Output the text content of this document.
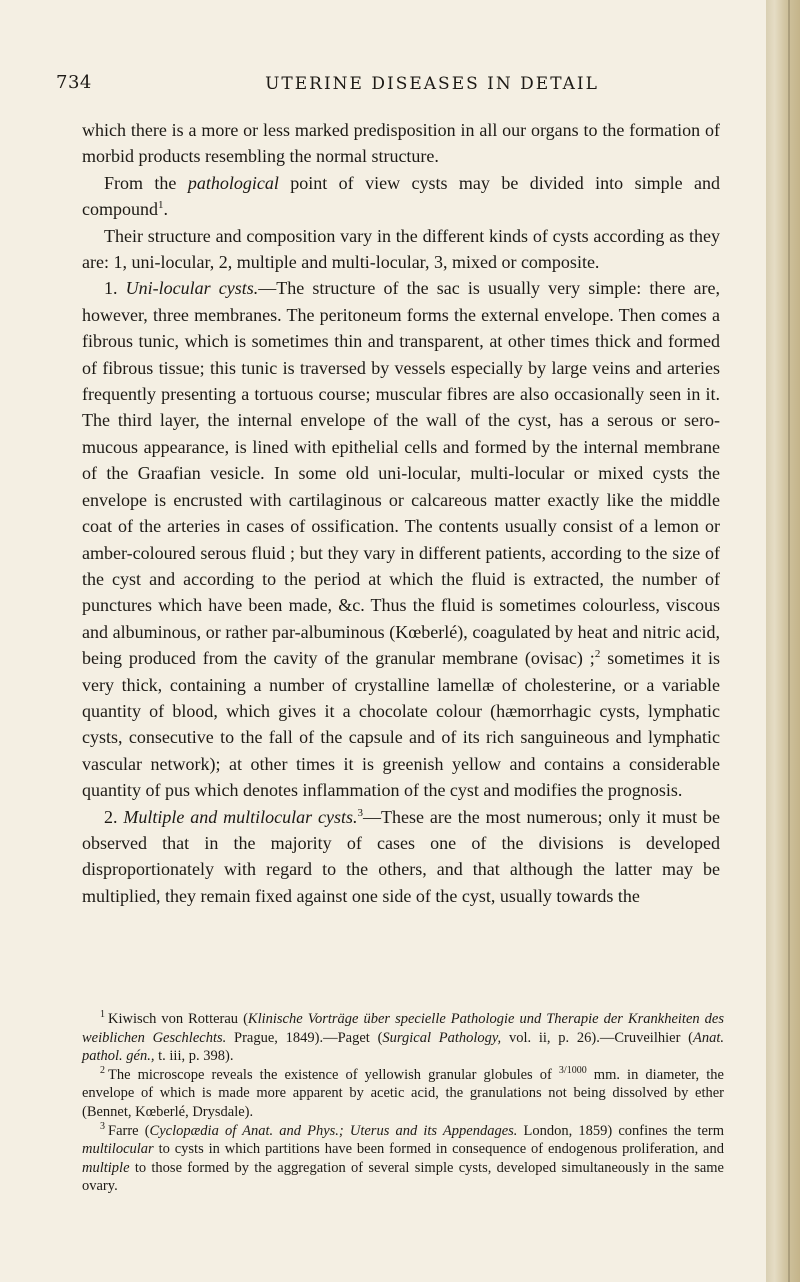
734	UTERINE DISEASES IN DETAIL

which there is a more or less marked predisposition in all our organs to the formation of morbid products resembling the normal structure.

From the pathological point of view cysts may be divided into simple and compound$^1$.

Their structure and composition vary in the different kinds of cysts according as they are: 1, uni-locular, 2, multiple and multi-locular, 3, mixed or composite.

1. Uni-locular cysts.—The structure of the sac is usually very simple: there are, however, three membranes. The peritoneum forms the external envelope. Then comes a fibrous tunic, which is sometimes thin and transparent, at other times thick and formed of fibrous tissue; this tunic is traversed by vessels especially by large veins and arteries frequently presenting a tortuous course; muscular fibres are also occasionally seen in it. The third layer, the internal envelope of the wall of the cyst, has a serous or sero-mucous appearance, is lined with epithelial cells and formed by the internal membrane of the Graafian vesicle. In some old uni-locular, multi-locular or mixed cysts the envelope is encrusted with cartilaginous or calcareous matter exactly like the middle coat of the arteries in cases of ossification. The contents usually consist of a lemon or amber-coloured serous fluid ; but they vary in different patients, according to the size of the cyst and according to the period at which the fluid is extracted, the number of punctures which have been made, &c. Thus the fluid is sometimes colourless, viscous and albuminous, or rather par-albuminous (Kœberlé), coagulated by heat and nitric acid, being produced from the cavity of the granular membrane (ovisac) ;$^2$ sometimes it is very thick, containing a number of crystalline lamellæ of cholesterine, or a variable quantity of blood, which gives it a chocolate colour (hæmorrhagic cysts, lymphatic cysts, consecutive to the fall of the capsule and of its rich sanguineous and lymphatic vascular network); at other times it is greenish yellow and contains a considerable quantity of pus which denotes inflammation of the cyst and modifies the prognosis.

2. Multiple and multilocular cysts.$^3$—These are the most numerous; only it must be observed that in the majority of cases one of the divisions is developed disproportionately with regard to the others, and that although the latter may be multiplied, they remain fixed against one side of the cyst, usually towards the

$^1$ Kiwisch von Rotterau (Klinische Vorträge über specielle Pathologie und Therapie der Krankheiten des weiblichen Geschlechts. Prague, 1849).—Paget (Surgical Pathology, vol. ii, p. 26).—Cruveilhier (Anat. pathol. gén., t. iii, p. 398).

$^2$ The microscope reveals the existence of yellowish granular globules of $^{3/1000}$ mm. in diameter, the envelope of which is made more apparent by acetic acid, the granulations not being dissolved by ether (Bennet, Kœberlé, Drysdale).

$^3$ Farre (Cyclopædia of Anat. and Phys.; Uterus and its Appendages. London, 1859) confines the term multilocular to cysts in which partitions have been formed in consequence of endogenous proliferation, and multiple to those formed by the aggregation of several simple cysts, developed simultaneously in the same ovary.
